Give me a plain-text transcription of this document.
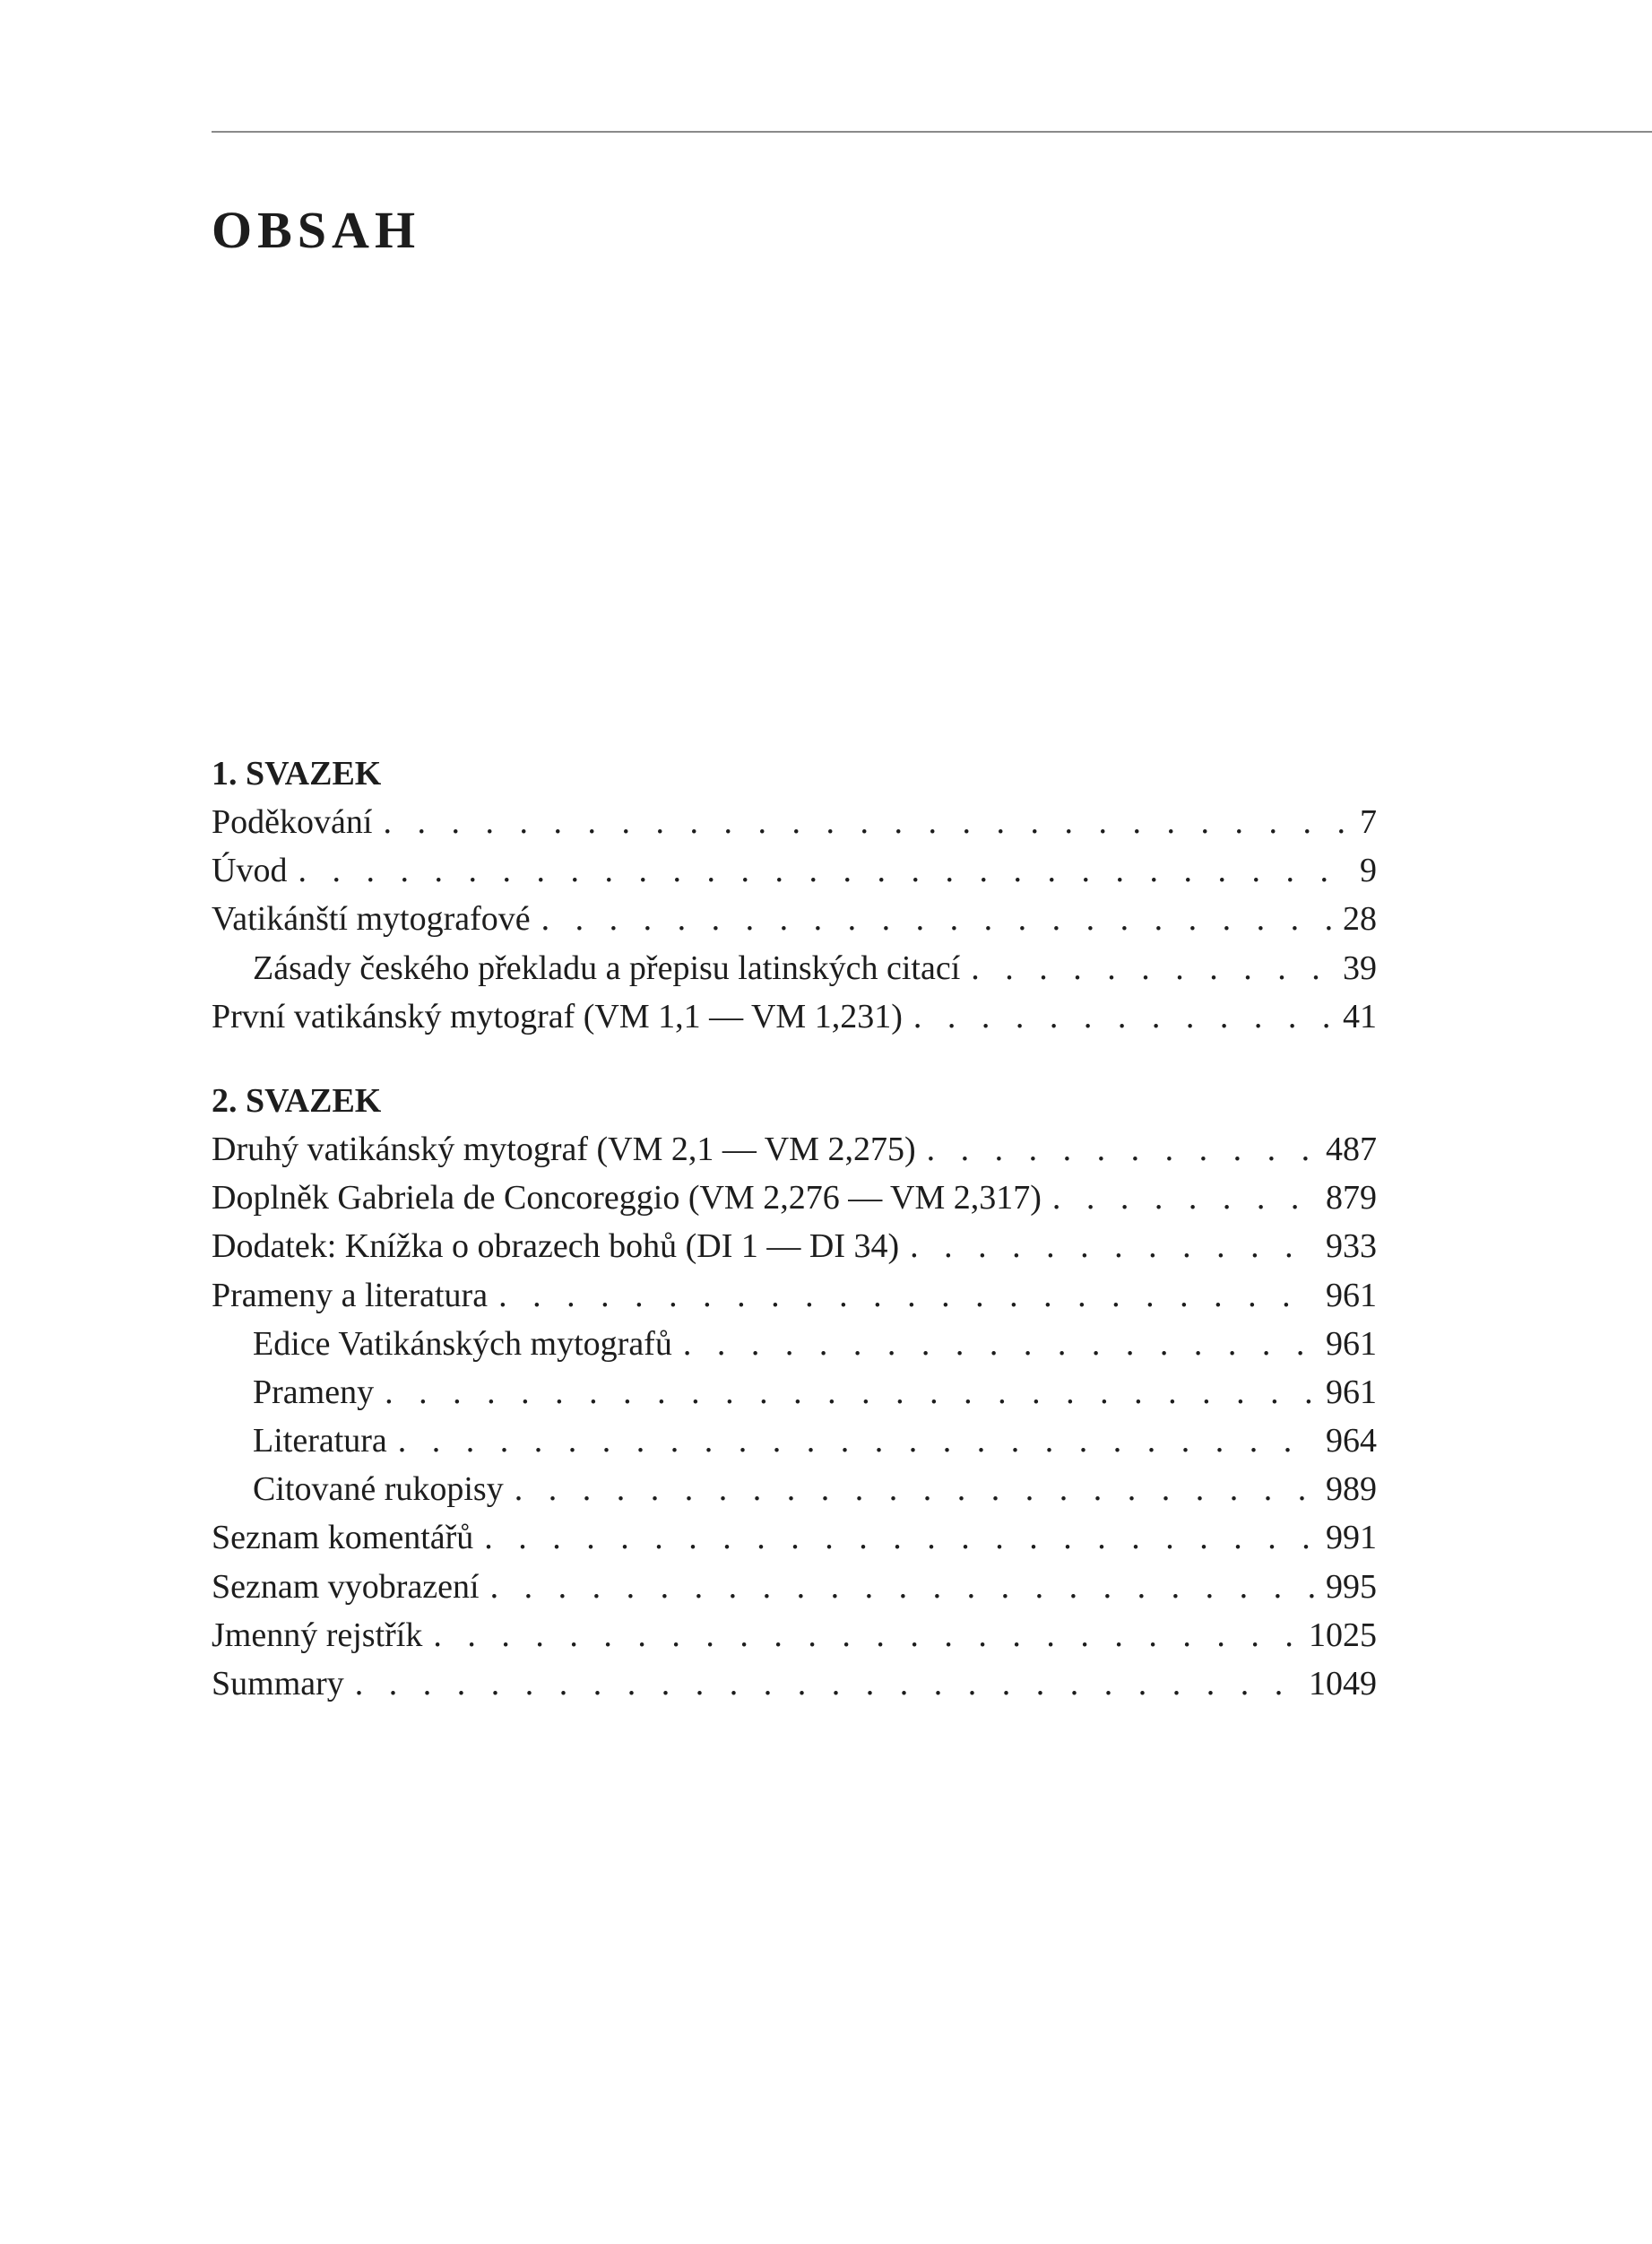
OBSAH
1. SVAZEK
Poděkování . . .	7
Úvod . . .	9
Vatikánští mytografové . . .	28
Zásady českého překladu a přepisu latinských citací . . .	39
První vatikánský mytograf (VM 1,1 — VM 1,231) . . .	41
2. SVAZEK
Druhý vatikánský mytograf (VM 2,1 — VM 2,275) . . .	487
Doplněk Gabriela de Concoreggio (VM 2,276 — VM 2,317) . . .	879
Dodatek: Knížka o obrazech bohů (DI 1 — DI 34) . . .	933
Prameny a literatura . . .	961
Edice Vatikánských mytografů . . .	961
Prameny . . .	961
Literatura . . .	964
Citované rukopisy . . .	989
Seznam komentářů . . .	991
Seznam vyobrazení . . .	995
Jmenný rejstřík . . .	1025
Summary . . .	1049
